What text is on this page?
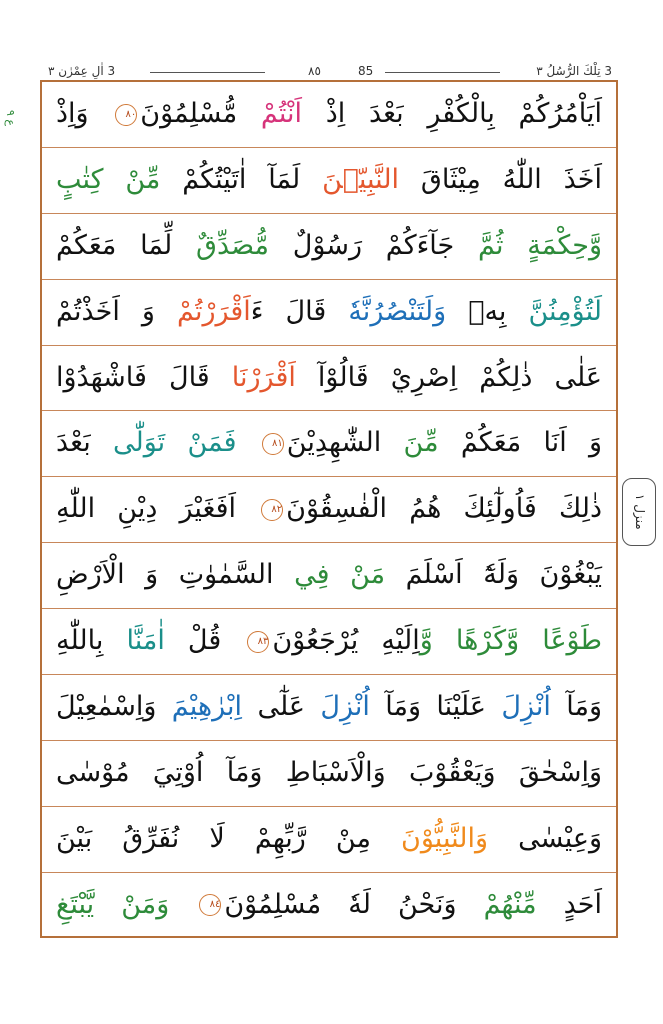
3 تِلْكَ الرُّسُلُ ٣
85
٨٥
3 اٰلِ عِمْرٰن ٣
ع ۹	اَيَاْمُرُكُمْ بِالْكُفْرِ بَعْدَ اِذْ اَنْتُمْ مُّسْلِمُوْنَ٨٠ وَاِذْ
اَخَذَ اللّٰهُ مِيْثَاقَ النَّبِيّٖنَ لَمَآ اٰتَيْتُكُمْ مِّنْ كِتٰبٍ
وَّحِكْمَةٍ ثُمَّ جَآءَكُمْ رَسُوْلٌ مُّصَدِّقٌ لِّمَا مَعَكُمْ
لَتُؤْمِنُنَّ بِهٖ وَلَتَنْصُرُنَّهٗ قَالَ ءَاَقْرَرْتُمْ وَ اَخَذْتُمْ
عَلٰى ذٰلِكُمْ اِصْرِيْ قَالُوْآ اَقْرَرْنَا قَالَ فَاشْهَدُوْا
وَ اَنَا مَعَكُمْ مِّنَ الشّٰهِدِيْنَ٨١ فَمَنْ تَوَلّٰى بَعْدَ
ذٰلِكَ فَاُولٰٓئِكَ هُمُ الْفٰسِقُوْنَ٨٢ اَفَغَيْرَ دِيْنِ اللّٰهِ
يَبْغُوْنَ وَلَهٗٓ اَسْلَمَ مَنْ فِي السَّمٰوٰتِ وَ الْاَرْضِ
طَوْعًا وَّكَرْهًا وَّاِلَيْهِ يُرْجَعُوْنَ٨٣ قُلْ اٰمَنَّا بِاللّٰهِ
وَمَآ اُنْزِلَ عَلَيْنَا وَمَآ اُنْزِلَ عَلٰٓى اِبْرٰهِيْمَ وَاِسْمٰعِيْلَ
وَاِسْحٰقَ وَيَعْقُوْبَ وَالْاَسْبَاطِ وَمَآ اُوْتِيَ مُوْسٰى
وَعِيْسٰى وَالنَّبِيُّوْنَ مِنْ رَّبِّهِمْ لَا نُفَرِّقُ بَيْنَ
اَحَدٍ مِّنْهُمْ وَنَحْنُ لَهٗ مُسْلِمُوْنَ٨٤ وَمَنْ يَّبْتَغِ
منزل ١
